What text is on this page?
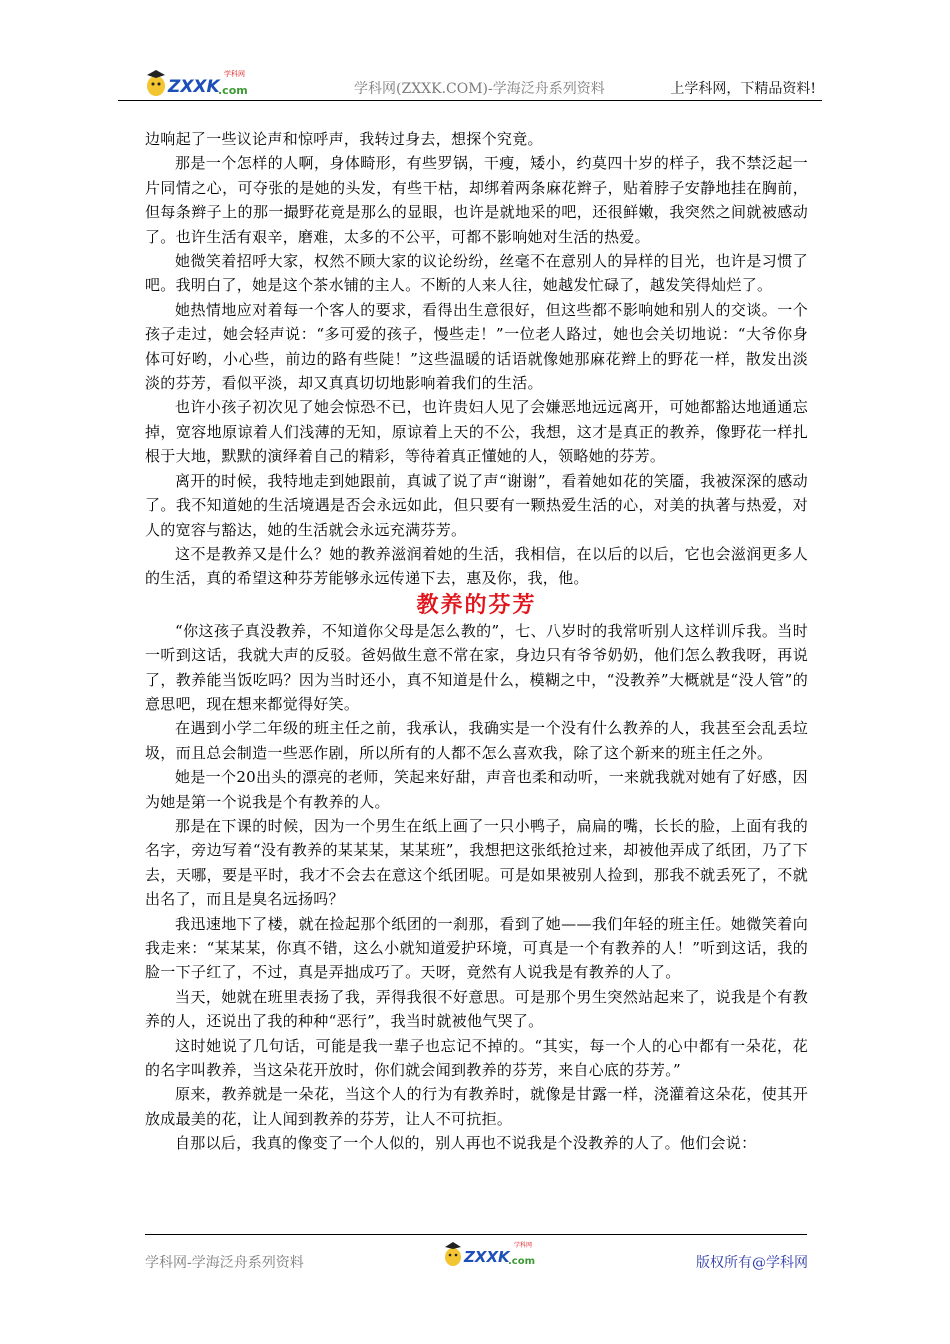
ZXXK
.com
学科网
学科网(ZXXK.COM)-学海泛舟系列资料	上学科网，下精品资料!

边响起了一些议论声和惊呼声，我转过身去，想探个究竟。

那是一个怎样的人啊，身体畸形，有些罗锅，干瘦，矮小，约莫四十岁的样子，我不禁泛起一片同情之心，可夺张的是她的头发，有些干枯，却绑着两条麻花辫子，贴着脖子安静地挂在胸前，但每条辫子上的那一撮野花竟是那么的显眼，也许是就地采的吧，还很鲜嫩，我突然之间就被感动了。也许生活有艰辛，磨难，太多的不公平，可都不影响她对生活的热爱。

她微笑着招呼大家，权然不顾大家的议论纷纷，丝毫不在意别人的异样的目光，也许是习惯了吧。我明白了，她是这个茶水铺的主人。不断的人来人往，她越发忙碌了，越发笑得灿烂了。

她热情地应对着每一个客人的要求，看得出生意很好，但这些都不影响她和别人的交谈。一个孩子走过，她会轻声说：“多可爱的孩子，慢些走！”一位老人路过，她也会关切地说：“大爷你身体可好哟，小心些，前边的路有些陡！”这些温暖的话语就像她那麻花辫上的野花一样，散发出淡淡的芬芳，看似平淡，却又真真切切地影响着我们的生活。

也许小孩子初次见了她会惊恐不已，也许贵妇人见了会嫌恶地远远离开，可她都豁达地通通忘掉，宽容地原谅着人们浅薄的无知，原谅着上天的不公，我想，这才是真正的教养，像野花一样扎根于大地，默默的演绎着自己的精彩，等待着真正懂她的人，领略她的芬芳。

离开的时候，我特地走到她跟前，真诚了说了声“谢谢”，看着她如花的笑靥，我被深深的感动了。我不知道她的生活境遇是否会永远如此，但只要有一颗热爱生活的心，对美的执著与热爱，对人的宽容与豁达，她的生活就会永远充满芬芳。

这不是教养又是什么？她的教养滋润着她的生活，我相信，在以后的以后，它也会滋润更多人的生活，真的希望这种芬芳能够永远传递下去，惠及你，我，他。

教养的芬芳

“你这孩子真没教养，不知道你父母是怎么教的”，七、八岁时的我常听别人这样训斥我。当时一听到这话，我就大声的反驳。爸妈做生意不常在家，身边只有爷爷奶奶，他们怎么教我呀，再说了，教养能当饭吃吗？因为当时还小，真不知道是什么，模糊之中，“没教养”大概就是“没人管”的意思吧，现在想来都觉得好笑。

在遇到小学二年级的班主任之前，我承认，我确实是一个没有什么教养的人，我甚至会乱丢垃圾，而且总会制造一些恶作剧，所以所有的人都不怎么喜欢我，除了这个新来的班主任之外。

她是一个20出头的漂亮的老师，笑起来好甜，声音也柔和动听，一来就我就对她有了好感，因为她是第一个说我是个有教养的人。

那是在下课的时候，因为一个男生在纸上画了一只小鸭子，扁扁的嘴，长长的脸，上面有我的名字，旁边写着“没有教养的某某某，某某班”，我想把这张纸抢过来，却被他弄成了纸团，乃了下去，天哪，要是平时，我才不会去在意这个纸团呢。可是如果被别人捡到，那我不就丢死了，不就出名了，而且是臭名远扬吗？

我迅速地下了楼，就在捡起那个纸团的一刹那，看到了她——我们年轻的班主任。她微笑着向我走来：“某某某，你真不错，这么小就知道爱护环境，可真是一个有教养的人！”听到这话，我的脸一下子红了，不过，真是弄拙成巧了。天呀，竟然有人说我是有教养的人了。

当天，她就在班里表扬了我，弄得我很不好意思。可是那个男生突然站起来了，说我是个有教养的人，还说出了我的种种“恶行”，我当时就被他气哭了。

这时她说了几句话，可能是我一辈子也忘记不掉的。“其实，每一个人的心中都有一朵花，花的名字叫教养，当这朵花开放时，你们就会闻到教养的芬芳，来自心底的芬芳。”

原来，教养就是一朵花，当这个人的行为有教养时，就像是甘露一样，浇灌着这朵花，使其开放成最美的花，让人闻到教养的芬芳，让人不可抗拒。

自那以后，我真的像变了一个人似的，别人再也不说我是个没教养的人了。他们会说：

学科网-学海泛舟系列资料	ZXXK
.com
学科网
版权所有@学科网
